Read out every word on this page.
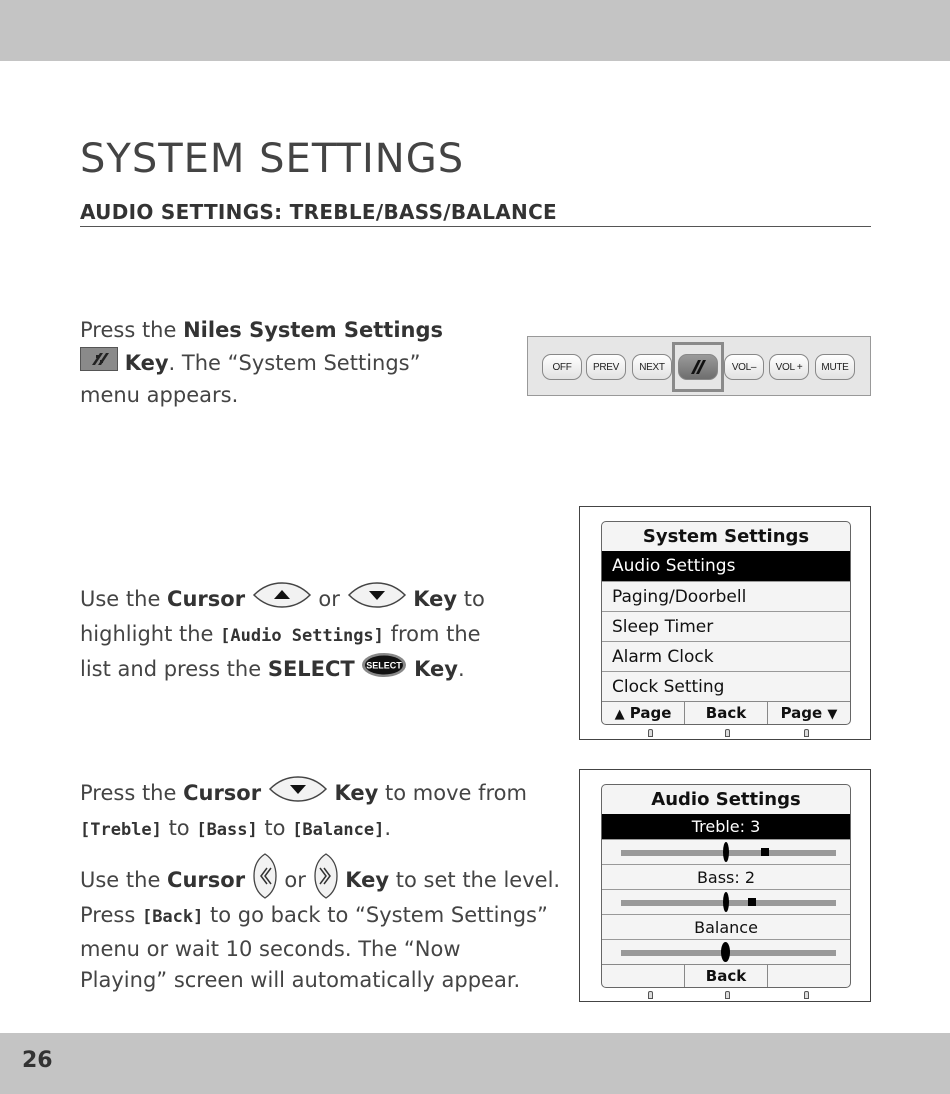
SYSTEM SETTINGS
AUDIO SETTINGS: TREBLE/BASS/BALANCE
Press the Niles System Settings
Key. The “System Settings”
menu appears.
OFF	PREV	NEXT	VOL–	VOL +	MUTE
Use the Cursor	or	Key to
highlight the [Audio Settings] from the
list and press the SELECT SELECT Key.
System Settings
Audio Settings
Paging/Doorbell
Sleep Timer
Alarm Clock
Clock Setting
▲ Page	Back	Page ▼
Press the Cursor	Key to move from
[Treble] to [Bass] to [Balance].
Use the Cursor  or  Key to set the level.
Press [Back] to go back to “System Settings”
menu or wait 10 seconds. The “Now
Playing” screen will automatically appear.
Audio Settings
Treble: 3
Bass: 2
Balance
Back
26
